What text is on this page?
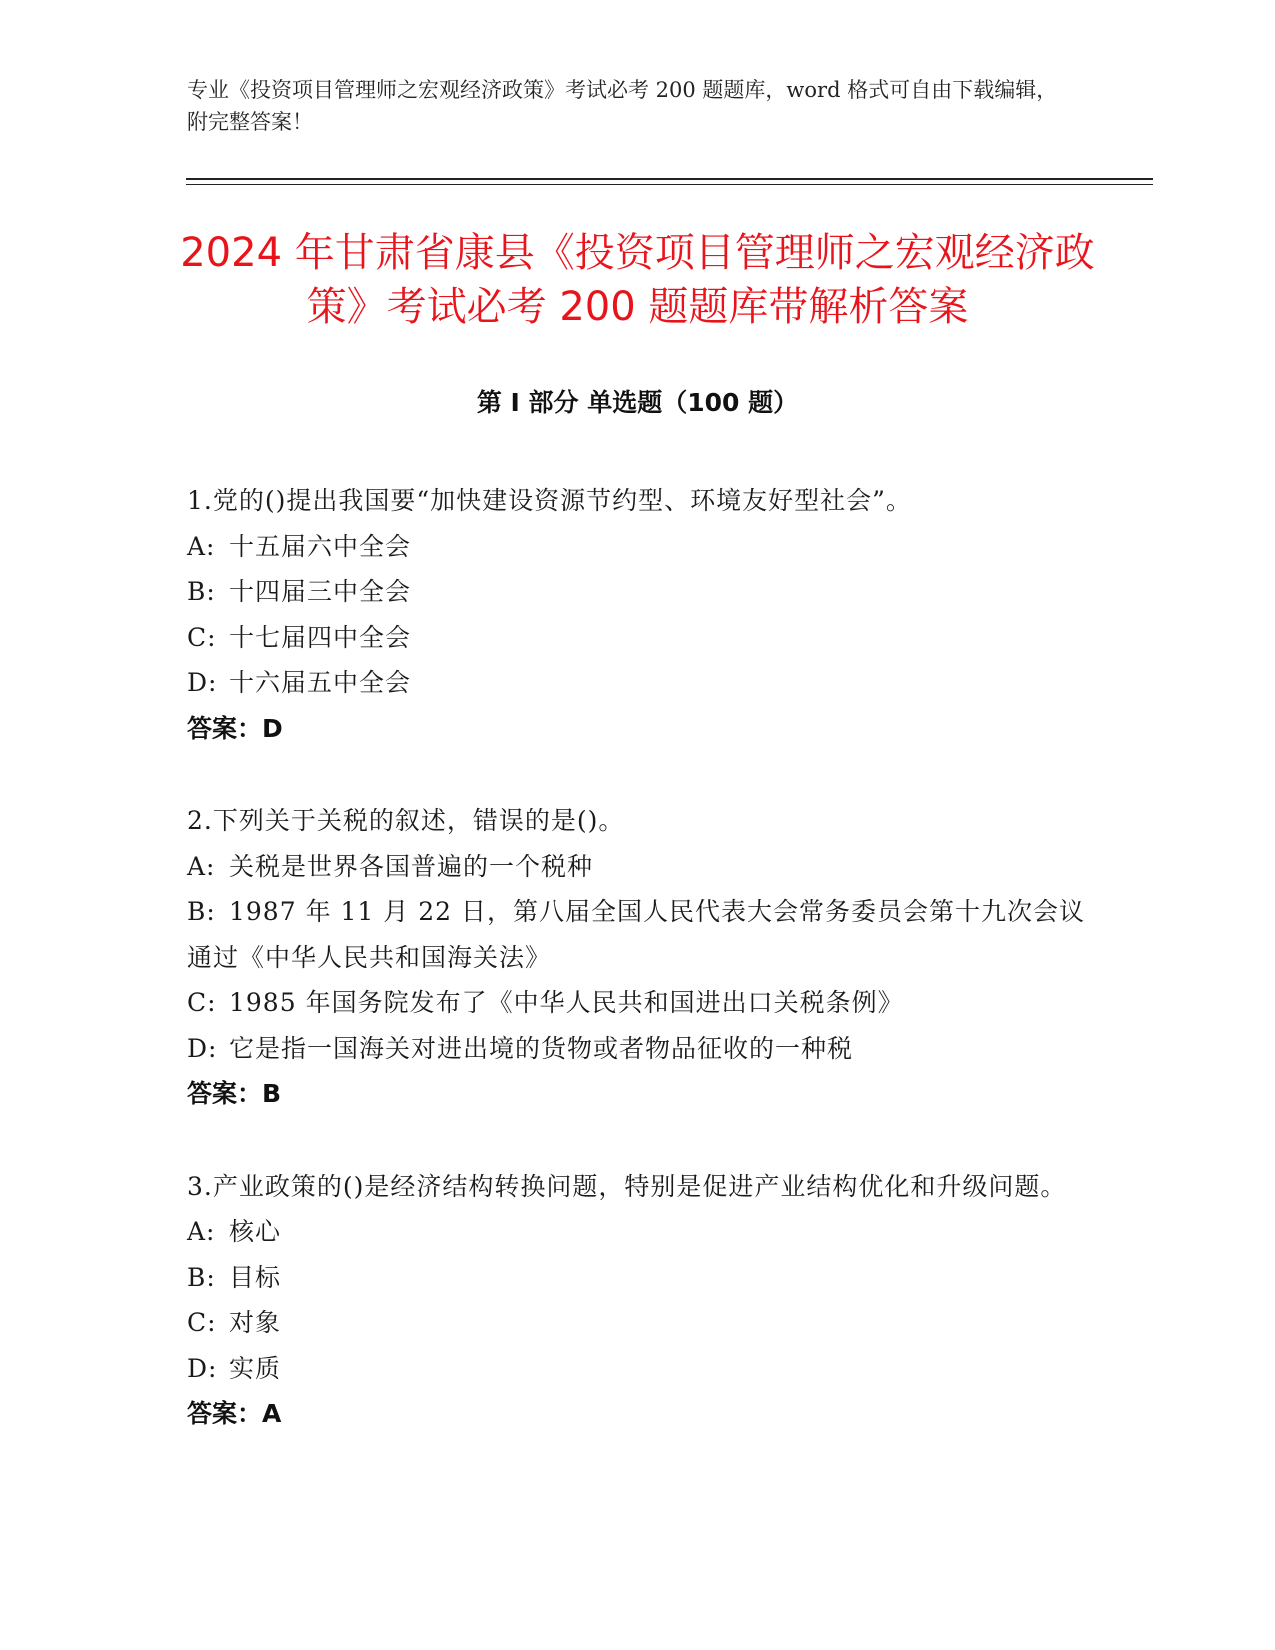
专业《投资项目管理师之宏观经济政策》考试必考 200 题题库，word 格式可自由下载编辑，附完整答案！
2024 年甘肃省康县《投资项目管理师之宏观经济政策》考试必考 200 题题库带解析答案
第 I 部分 单选题（100 题）
1.党的()提出我国要“加快建设资源节约型、环境友好型社会”。
A: 十五届六中全会
B: 十四届三中全会
C: 十七届四中全会
D: 十六届五中全会
答案：D
2.下列关于关税的叙述，错误的是()。
A: 关税是世界各国普遍的一个税种
B: 1987 年 11 月 22 日，第八届全国人民代表大会常务委员会第十九次会议通过《中华人民共和国海关法》
C: 1985 年国务院发布了《中华人民共和国进出口关税条例》
D: 它是指一国海关对进出境的货物或者物品征收的一种税
答案：B
3.产业政策的()是经济结构转换问题，特别是促进产业结构优化和升级问题。
A: 核心
B: 目标
C: 对象
D: 实质
答案：A
